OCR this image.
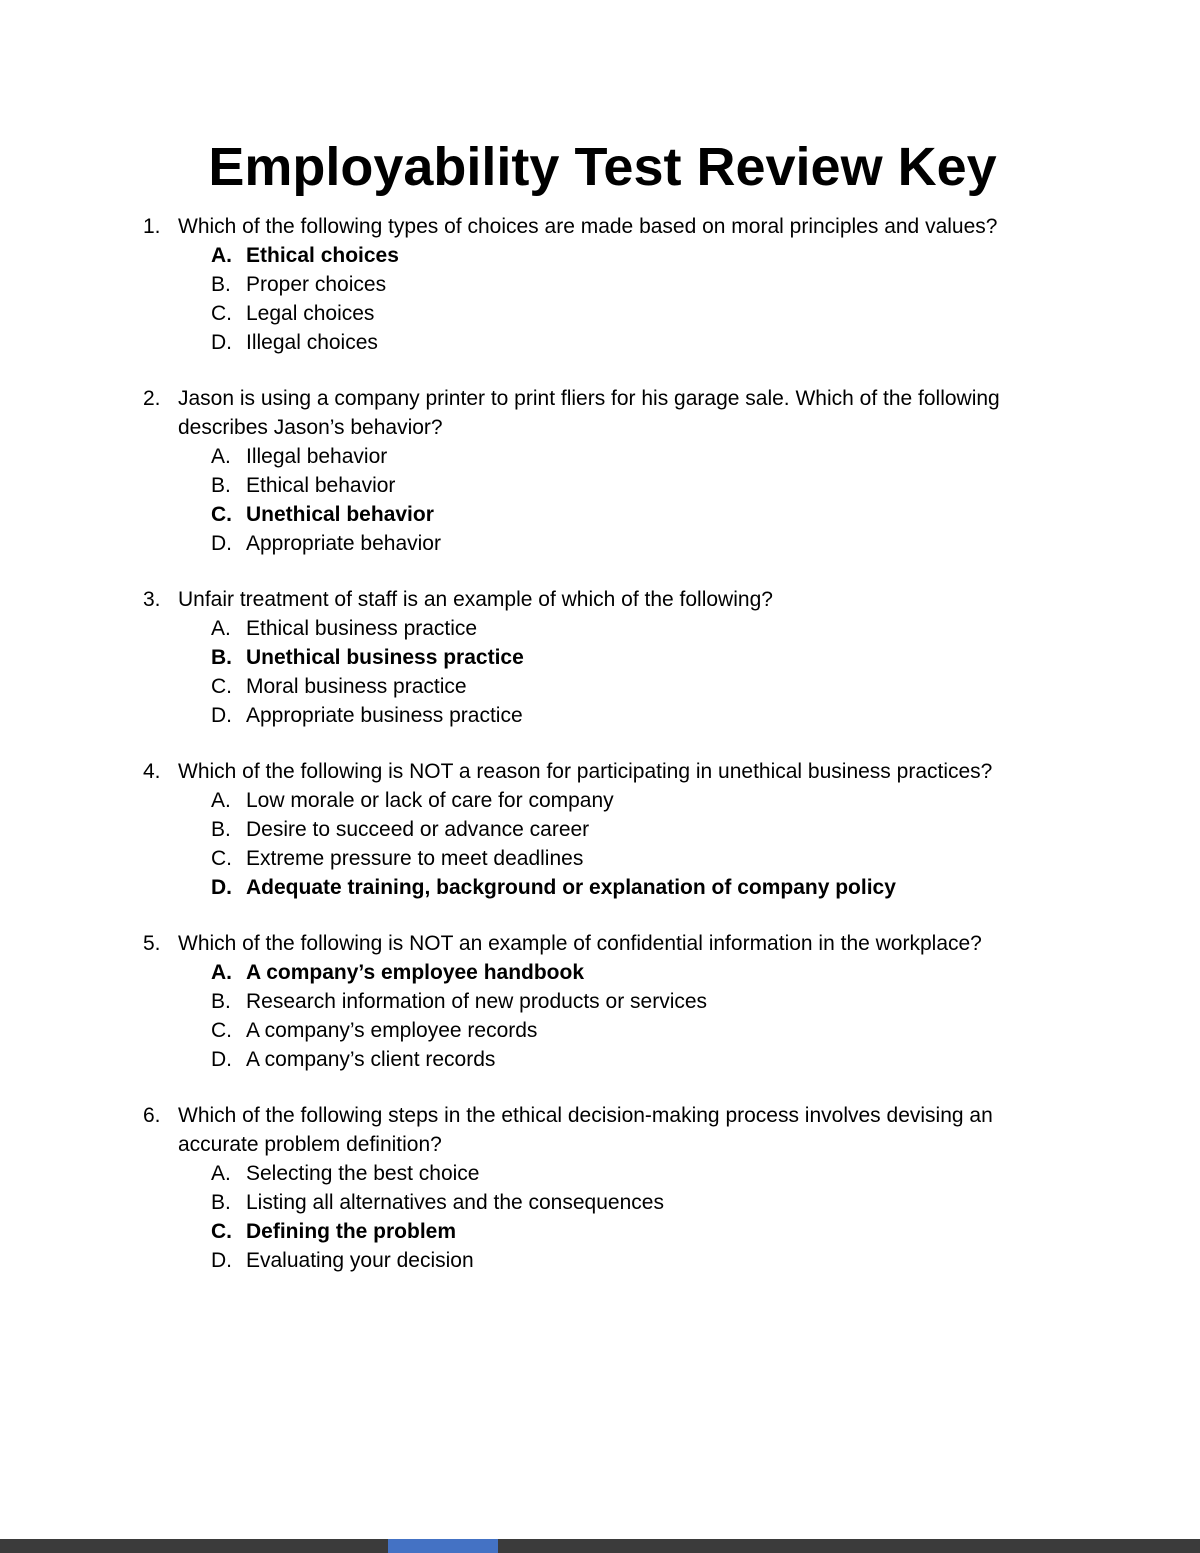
Employability Test Review Key
1. Which of the following types of choices are made based on moral principles and values?
A. Ethical choices
B. Proper choices
C. Legal choices
D. Illegal choices
2. Jason is using a company printer to print fliers for his garage sale. Which of the following describes Jason’s behavior?
A. Illegal behavior
B. Ethical behavior
C. Unethical behavior
D. Appropriate behavior
3. Unfair treatment of staff is an example of which of the following?
A. Ethical business practice
B. Unethical business practice
C. Moral business practice
D. Appropriate business practice
4. Which of the following is NOT a reason for participating in unethical business practices?
A. Low morale or lack of care for company
B. Desire to succeed or advance career
C. Extreme pressure to meet deadlines
D. Adequate training, background or explanation of company policy
5. Which of the following is NOT an example of confidential information in the workplace?
A. A company’s employee handbook
B. Research information of new products or services
C. A company’s employee records
D. A company’s client records
6. Which of the following steps in the ethical decision-making process involves devising an accurate problem definition?
A. Selecting the best choice
B. Listing all alternatives and the consequences
C. Defining the problem
D. Evaluating your decision
